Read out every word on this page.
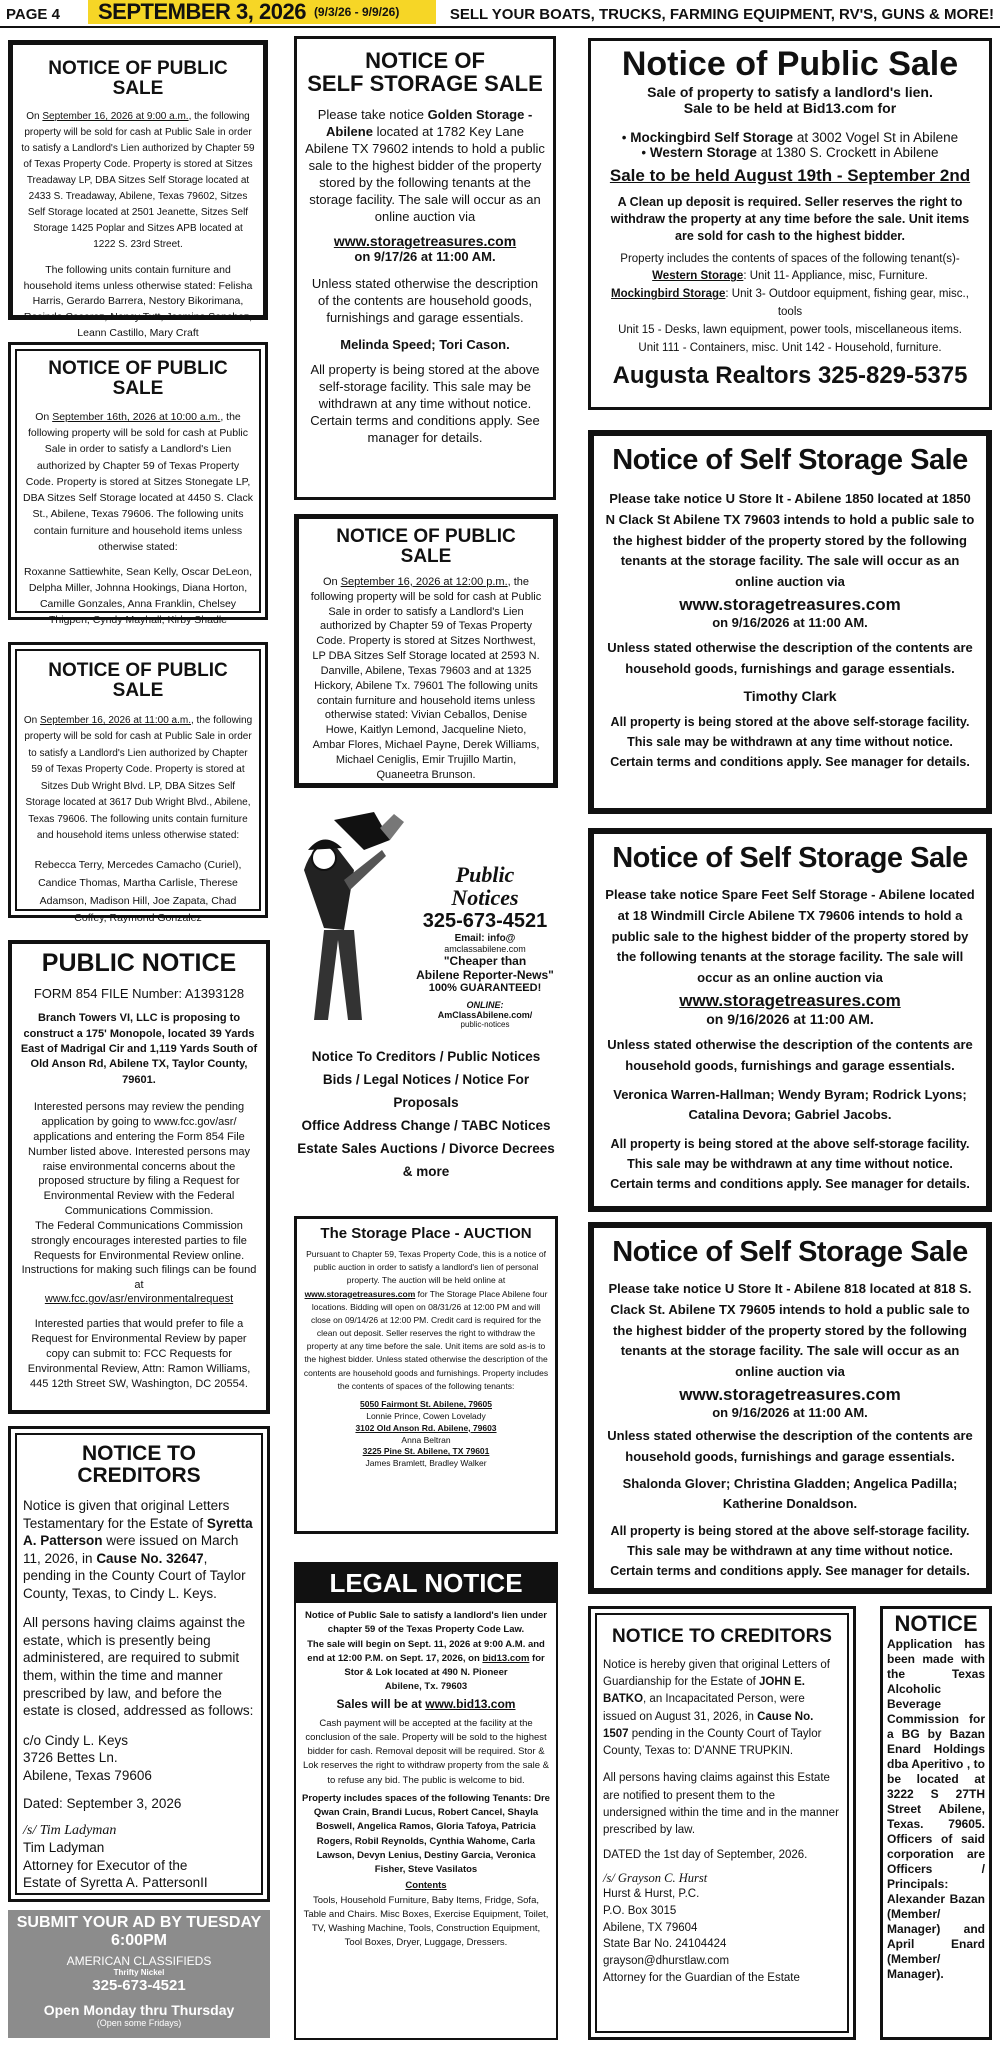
PAGE 4 SEPTEMBER 3, 2026 (9/3/26 - 9/9/26)	SELL YOUR BOATS, TRUCKS, FARMING EQUIPMENT, RV'S, GUNS & MORE!
NOTICE OF PUBLIC SALE
On September 16, 2026 at 9:00 a.m., the following property will be sold for cash at Public Sale in order to satisfy a Landlord's Lien authorized by Chapter 59 of Texas Property Code. Property is stored at Sitzes Treadaway LP, DBA Sitzes Self Storage located at 2433 S. Treadaway, Abilene, Texas 79602, Sitzes Self Storage located at 2501 Jeanette, Sitzes Self Storage 1425 Poplar and Sitzes APB located at 1222 S. 23rd Street.
The following units contain furniture and household items unless otherwise stated: Felisha Harris, Gerardo Barrera, Nestory Bikorimana, Rosindo Casarez, Nancy Tutt, Jasmine Sanchez, Leann Castillo, Mary Craft
NOTICE OF PUBLIC SALE
On September 16th, 2026 at 10:00 a.m., the following property will be sold for cash at Public Sale in order to satisfy a Landlord's Lien authorized by Chapter 59 of Texas Property Code. Property is stored at Sitzes Stonegate LP, DBA Sitzes Self Storage located at 4450 S. Clack St., Abilene, Texas 79606. The following units contain furniture and household items unless otherwise stated:
Roxanne Sattiewhite, Sean Kelly, Oscar DeLeon, Delpha Miller, Johnna Hookings, Diana Horton, Camille Gonzales, Anna Franklin, Chelsey Thigpen, Cyndy Mayhall, Kirby Shadle
NOTICE OF PUBLIC SALE
On September 16, 2026 at 11:00 a.m., the following property will be sold for cash at Public Sale in order to satisfy a Landlord's Lien authorized by Chapter 59 of Texas Property Code. Property is stored at Sitzes Dub Wright Blvd. LP, DBA Sitzes Self Storage located at 3617 Dub Wright Blvd., Abilene, Texas 79606. The following units contain furniture and household items unless otherwise stated:
Rebecca Terry, Mercedes Camacho (Curiel), Candice Thomas, Martha Carlisle, Therese Adamson, Madison Hill, Joe Zapata, Chad Coffey, Raymond Gonzalez
PUBLIC NOTICE
FORM 854 FILE Number: A1393128
Branch Towers VI, LLC is proposing to construct a 175' Monopole, located 39 Yards East of Madrigal Cir and 1,119 Yards South of Old Anson Rd, Abilene TX, Taylor County, 79601.
Interested persons may review the pending application by going to www.fcc.gov/asr/ applications and entering the Form 854 File Number listed above. Interested persons may raise environmental concerns about the proposed structure by filing a Request for Environmental Review with the Federal Communications Commission.
The Federal Communications Commission strongly encourages interested parties to file Requests for Environmental Review online. Instructions for making such filings can be found at
www.fcc.gov/asr/environmentalrequest
Interested parties that would prefer to file a Request for Environmental Review by paper copy can submit to: FCC Requests for Environmental Review, Attn: Ramon Williams, 445 12th Street SW, Washington, DC 20554.
NOTICE TO CREDITORS
Notice is given that original Letters Testamentary for the Estate of Syretta A. Patterson were issued on March 11, 2026, in Cause No. 32647, pending in the County Court of Taylor County, Texas, to Cindy L. Keys.
All persons having claims against the estate, which is presently being administered, are required to submit them, within the time and manner prescribed by law, and before the estate is closed, addressed as follows:
c/o Cindy L. Keys
3726 Bettes Ln.
Abilene, Texas 79606
Dated: September 3, 2026
/s/ Tim Ladyman
Tim Ladyman
Attorney for Executor of the
Estate of Syretta A. PattersonII
SUBMIT YOUR AD BY TUESDAY
6:00PM
AMERICAN CLASSIFIEDS
Thrifty Nickel
325-673-4521
Open Monday thru Thursday
(Open some Fridays)
NOTICE OF
SELF STORAGE SALE
Please take notice Golden Storage - Abilene located at 1782 Key Lane Abilene TX 79602 intends to hold a public sale to the highest bidder of the property stored by the following tenants at the storage facility. The sale will occur as an online auction via
www.storagetreasures.com
on 9/17/26 at 11:00 AM.
Unless stated otherwise the description of the contents are household goods, furnishings and garage essentials.
Melinda Speed; Tori Cason.
All property is being stored at the above self-storage facility. This sale may be withdrawn at any time without notice. Certain terms and conditions apply. See manager for details.
NOTICE OF PUBLIC SALE
On September 16, 2026 at 12:00 p.m., the following property will be sold for cash at Public Sale in order to satisfy a Landlord's Lien authorized by Chapter 59 of Texas Property Code. Property is stored at Sitzes Northwest, LP DBA Sitzes Self Storage located at 2593 N. Danville, Abilene, Texas 79603 and at 1325 Hickory, Abilene Tx. 79601 The following units contain furniture and household items unless otherwise stated: Vivian Ceballos, Denise Howe, Kaitlyn Lemond, Jacqueline Nieto, Ambar Flores, Michael Payne, Derek Williams, Michael Ceniglis, Emir Trujillo Martin, Quaneetra Brunson.
Public
Notices
325-673-4521
Email: info@
amclassabilene.com
"Cheaper than
Abilene Reporter-News"
100% GUARANTEED!
ONLINE:
AmClassAbilene.com/
public-notices
Notice To Creditors / Public Notices
Bids / Legal Notices / Notice For Proposals
Office Address Change / TABC Notices
Estate Sales Auctions / Divorce Decrees
& more
The Storage Place - AUCTION
Pursuant to Chapter 59, Texas Property Code, this is a notice of public auction in order to satisfy a landlord's lien of personal property. The auction will be held online at www.storagetreasures.com for The Storage Place Abilene four locations. Bidding will open on 08/31/26 at 12:00 PM and will close on 09/14/26 at 12:00 PM. Credit card is required for the clean out deposit. Seller reserves the right to withdraw the property at any time before the sale. Unit items are sold as-is to the highest bidder. Unless stated otherwise the description of the contents are household goods and furnishings. Property includes the contents of spaces of the following tenants:
5050 Fairmont St. Abilene, 79605
Lonnie Prince, Cowen Lovelady
3102 Old Anson Rd. Abilene, 79603
Anna Beltran
3225 Pine St. Abilene, TX 79601
James Bramlett, Bradley Walker
LEGAL NOTICE
Notice of Public Sale to satisfy a landlord's lien under chapter 59 of the Texas Property Code Law.
The sale will begin on Sept. 11, 2026 at 9:00 A.M. and end at 12:00 P.M. on Sept. 17, 2026, on bid13.com for Stor & Lok located at 490 N. Pioneer
Abilene, Tx. 79603
Sales will be at www.bid13.com
Cash payment will be accepted at the facility at the conclusion of the sale. Property will be sold to the highest bidder for cash. Removal deposit will be required. Stor & Lok reserves the right to withdraw property from the sale & to refuse any bid. The public is welcome to bid.
Property includes spaces of the following Tenants: Dre Qwan Crain, Brandi Lucus, Robert Cancel, Shayla Boswell, Angelica Ramos, Gloria Tafoya, Patricia Rogers, Robil Reynolds, Cynthia Wahome, Carla Lawson, Devyn Lenius, Destiny Garcia, Veronica Fisher, Steve Vasilatos
Contents
Tools, Household Furniture, Baby Items, Fridge, Sofa, Table and Chairs. Misc Boxes, Exercise Equipment, Toilet, TV, Washing Machine, Tools, Construction Equipment, Tool Boxes, Dryer, Luggage, Dressers.
Notice of Public Sale
Sale of property to satisfy a landlord's lien.
Sale to be held at Bid13.com for
• Mockingbird Self Storage at 3002 Vogel St in Abilene
• Western Storage at 1380 S. Crockett in Abilene
Sale to be held August 19th - September 2nd
A Clean up deposit is required. Seller reserves the right to withdraw the property at any time before the sale. Unit items are sold for cash to the highest bidder.
Property includes the contents of spaces of the following tenant(s)-
Western Storage: Unit 11- Appliance, misc, Furniture.
Mockingbird Storage: Unit 3- Outdoor equipment, fishing gear, misc., tools
Unit 15 - Desks, lawn equipment, power tools, miscellaneous items.
Unit 111 - Containers, misc. Unit 142 - Household, furniture.
Augusta Realtors 325-829-5375
Notice of Self Storage Sale
Please take notice U Store It - Abilene 1850 located at 1850 N Clack St Abilene TX 79603 intends to hold a public sale to the highest bidder of the property stored by the following tenants at the storage facility. The sale will occur as an online auction via
www.storagetreasures.com
on 9/16/2026 at 11:00 AM.
Unless stated otherwise the description of the contents are household goods, furnishings and garage essentials.
Timothy Clark
All property is being stored at the above self-storage facility. This sale may be withdrawn at any time without notice. Certain terms and conditions apply. See manager for details.
Notice of Self Storage Sale
Please take notice Spare Feet Self Storage - Abilene located at 18 Windmill Circle Abilene TX 79606 intends to hold a public sale to the highest bidder of the property stored by the following tenants at the storage facility. The sale will occur as an online auction via
www.storagetreasures.com
on 9/16/2026 at 11:00 AM.
Unless stated otherwise the description of the contents are household goods, furnishings and garage essentials.
Veronica Warren-Hallman; Wendy Byram; Rodrick Lyons; Catalina Devora; Gabriel Jacobs.
All property is being stored at the above self-storage facility. This sale may be withdrawn at any time without notice. Certain terms and conditions apply. See manager for details.
Notice of Self Storage Sale
Please take notice U Store It - Abilene 818 located at 818 S. Clack St. Abilene TX 79605 intends to hold a public sale to the highest bidder of the property stored by the following tenants at the storage facility. The sale will occur as an online auction via
www.storagetreasures.com
on 9/16/2026 at 11:00 AM.
Unless stated otherwise the description of the contents are household goods, furnishings and garage essentials.
Shalonda Glover; Christina Gladden; Angelica Padilla; Katherine Donaldson.
All property is being stored at the above self-storage facility. This sale may be withdrawn at any time without notice. Certain terms and conditions apply. See manager for details.
NOTICE TO CREDITORS
Notice is hereby given that original Letters of Guardianship for the Estate of JOHN E. BATKO, an Incapacitated Person, were issued on August 31, 2026, in Cause No. 1507 pending in the County Court of Taylor County, Texas to: D'ANNE TRUPKIN.
All persons having claims against this Estate are notified to present them to the undersigned within the time and in the manner prescribed by law.
DATED the 1st day of September, 2026.
/s/ Grayson C. Hurst
Hurst & Hurst, P.C.
P.O. Box 3015
Abilene, TX 79604
State Bar No. 24104424
grayson@dhurstlaw.com
Attorney for the Guardian of the Estate
NOTICE
Application has been made with the Texas Alcoholic Beverage Commission for a BG by Bazan Enard Holdings dba Aperitivo , to be located at 3222 S 27TH Street Abilene, Texas. 79605. Officers of said corporation are Officers / Principals: Alexander Bazan (Member/ Manager) and April Enard (Member/ Manager).
